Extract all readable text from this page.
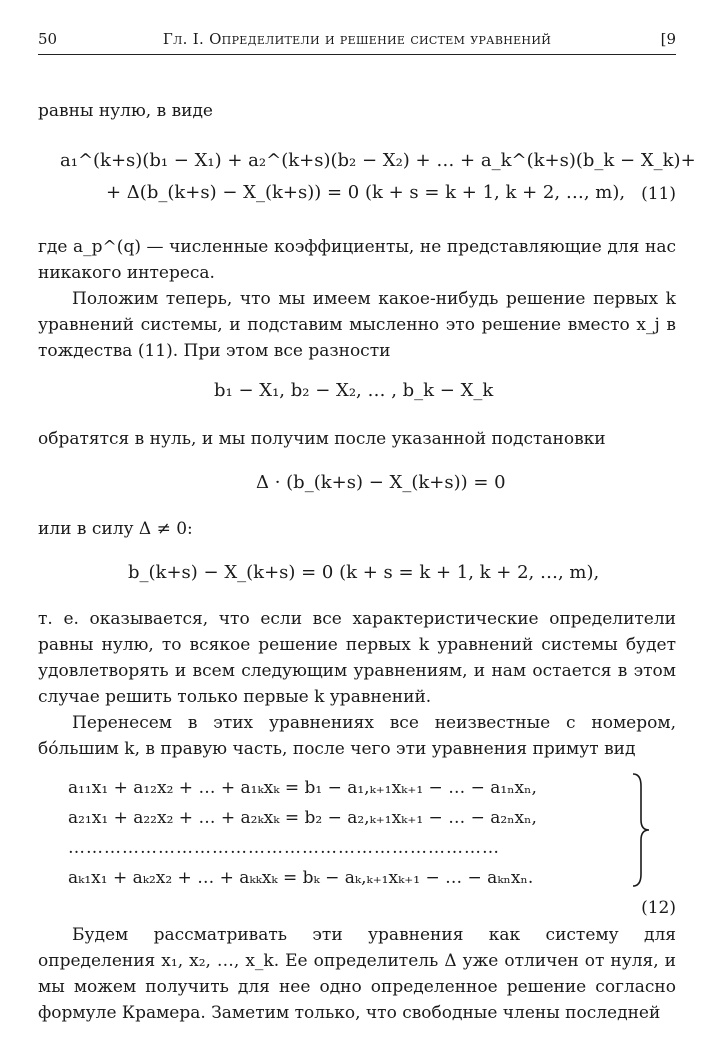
50	Гл. I. Определители и решение систем уравнений	[9
равны нулю, в виде
a₁^(k+s)(b₁ − X₁) + a₂^(k+s)(b₂ − X₂) + … + a_k^(k+s)(b_k − X_k)+
+ Δ(b_(k+s) − X_(k+s)) = 0 (k + s = k + 1, k + 2, …, m), (11)
где a_p^(q) — численные коэффициенты, не представляющие для нас никакого интереса.
Положим теперь, что мы имеем какое-нибудь решение первых k уравнений системы, и подставим мысленно это решение вместо x_j в тождества (11). При этом все разности
b₁ − X₁, b₂ − X₂, … , b_k − X_k
обратятся в нуль, и мы получим после указанной подстановки
Δ · (b_(k+s) − X_(k+s)) = 0
или в силу Δ ≠ 0:
b_(k+s) − X_(k+s) = 0 (k + s = k + 1, k + 2, …, m),
т. е. оказывается, что если все характеристические определители равны нулю, то всякое решение первых k уравнений системы будет удовлетворять и всем следующим уравнениям, и нам остается в этом случае решить только первые k уравнений.
Перенесем в этих уравнениях все неизвестные с номером, бо́льшим k, в правую часть, после чего эти уравнения примут вид
a₁₁x₁ + a₁₂x₂ + … + a₁ₖxₖ = b₁ − a₁,ₖ₊₁xₖ₊₁ − … − a₁ₙxₙ,
a₂₁x₁ + a₂₂x₂ + … + a₂ₖxₖ = b₂ − a₂,ₖ₊₁xₖ₊₁ − … − a₂ₙxₙ,
………………………………………………………………
aₖ₁x₁ + aₖ₂x₂ + … + aₖₖxₖ = bₖ − aₖ,ₖ₊₁xₖ₊₁ − … − aₖₙxₙ.
(12)
Будем рассматривать эти уравнения как систему для определения x₁, x₂, …, x_k. Ее определитель Δ уже отличен от нуля, и мы можем получить для нее одно определенное решение согласно формуле Крамера. Заметим только, что свободные члены последней
